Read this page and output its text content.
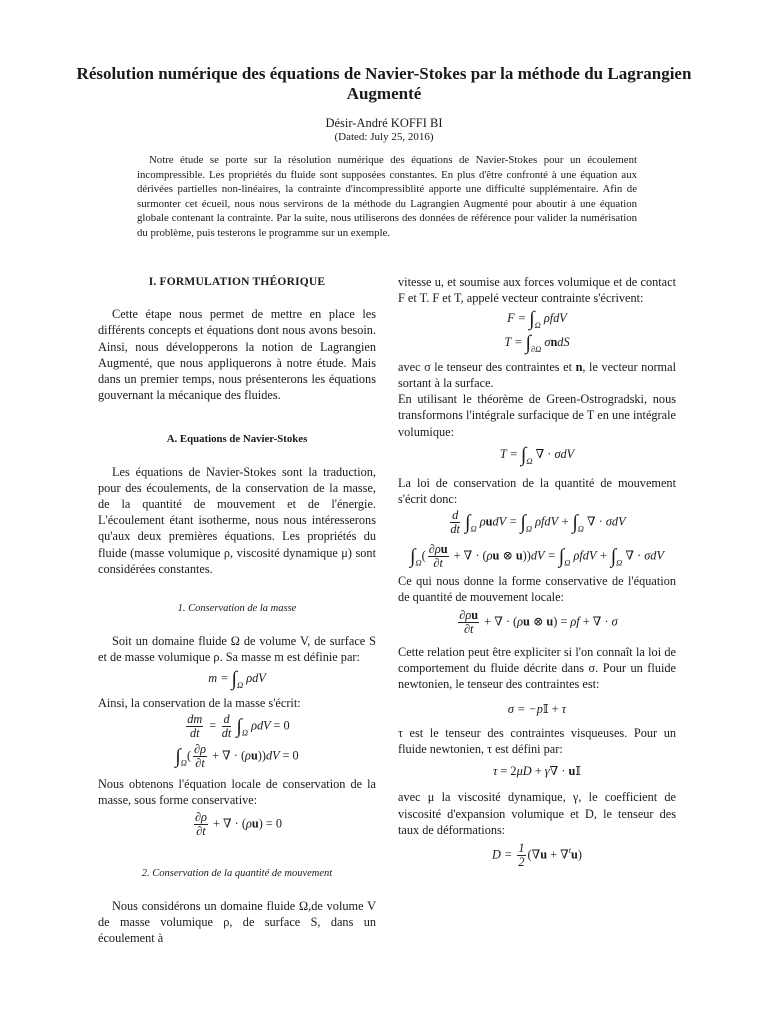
Résolution numérique des équations de Navier-Stokes par la méthode du Lagrangien Augmenté
Désir-André KOFFI BI
(Dated: July 25, 2016)
Notre étude se porte sur la résolution numérique des équations de Navier-Stokes pour un écoulement incompressible. Les propriétés du fluide sont supposées constantes. En plus d'être confronté à une équation aux dérivées partielles non-linéaires, la contrainte d'incompressiblité apporte une difficulté supplémentaire. Afin de surmonter cet écueil, nous nous servirons de la méthode du Lagrangien Augmenté pour aboutir à une équation globale contenant la contrainte. Par la suite, nous utiliserons des données de référence pour valider la numérisation du problème, puis testerons le programme sur un exemple.
I. FORMULATION THÉORIQUE

Cette étape nous permet de mettre en place les différents concepts et équations dont nous avons besoin. Ainsi, nous développerons la notion de Lagrangien Augmenté, que nous appliquerons à notre étude. Mais dans un premier temps, nous présenterons les équations gouvernant la mécanique des fluides.

A. Equations de Navier-Stokes

Les équations de Navier-Stokes sont la traduction, pour des écoulements, de la conservation de la masse, de la quantité de mouvement et de l'énergie. L'écoulement étant isotherme, nous nous intéresserons qu'aux deux premières équations. Les propriétés du fluide (masse volumique ρ, viscosité dynamique μ) sont considérées constantes.

1. Conservation de la masse

Soit un domaine fluide Ω de volume V, de surface S et de masse volumique ρ. Sa masse m est définie par:

$m = \int_\Omega$ ρdV

Ainsi, la conservation de la masse s'écrit:

$\frac{dm}{dt} = \frac{d}{dt} \int_\Omega$ ρdV = 0
$\int_\Omega( \frac{\partial\rho}{\partial t}$ + ∇ · (ρu))dV = 0

Nous obtenons l'équation locale de conservation de la masse, sous forme conservative:

$\frac{\partial\rho}{\partial t}$ + ∇ · (ρu) = 0
2. Conservation de la quantité de mouvement

Nous considérons un domaine fluide Ω,de volume V de masse volumique ρ, de surface S, dans un écoulement à

vitesse u, et soumise aux forces volumique et de contact F et T. F et T, appelé vecteur contrainte s'écrivent:

$F = \int_\Omega$ ρfdV
$T = \int_{\partial\Omega}$ σndS

avec σ le tenseur des contraintes et n, le vecteur normal sortant à la surface.

En utilisant le théorème de Green-Ostrogradski, nous transformons l'intégrale surfacique de T en une intégrale volumique:

$T = \int_\Omega$ ∇ · σdV

La loi de conservation de la quantité de mouvement s'écrit donc:

$\frac{d}{dt} \int_\Omega$ $\rho udV = \int_\Omega$ $\rho fdV + \int_\Omega$ ∇ · σdV
$\int_\Omega( \frac{\partial\rho u}{\partial t}$ + ∇ · (ρu ⊗ $u))dV = \int_\Omega$ $\rho fdV + \int_\Omega$ ∇ · σdV

Ce qui nous donne la forme conservative de l'équation de quantité de mouvement locale:

$\frac{\partial\rho u}{\partial t}$ + ∇ · (ρu ⊗ u) = ρf + ∇ · σ

Cette relation peut être expliciter si l'on connaît la loi de comportement du fluide décrite dans σ. Pour un fluide newtonien, le tenseur des contraintes est:

σ = −p𝕀 + τ

τ est le tenseur des contraintes visqueuses. Pour un fluide newtonien, τ est défini par:

τ = 2μD + γ∇ · u𝕀

avec μ la viscosité dynamique, γ, le coefficient de viscosité d'expansion volumique et D, le tenseur des taux de déformations:

$D = \frac{1}{2} (\nabla u + \nabla^tu)$
